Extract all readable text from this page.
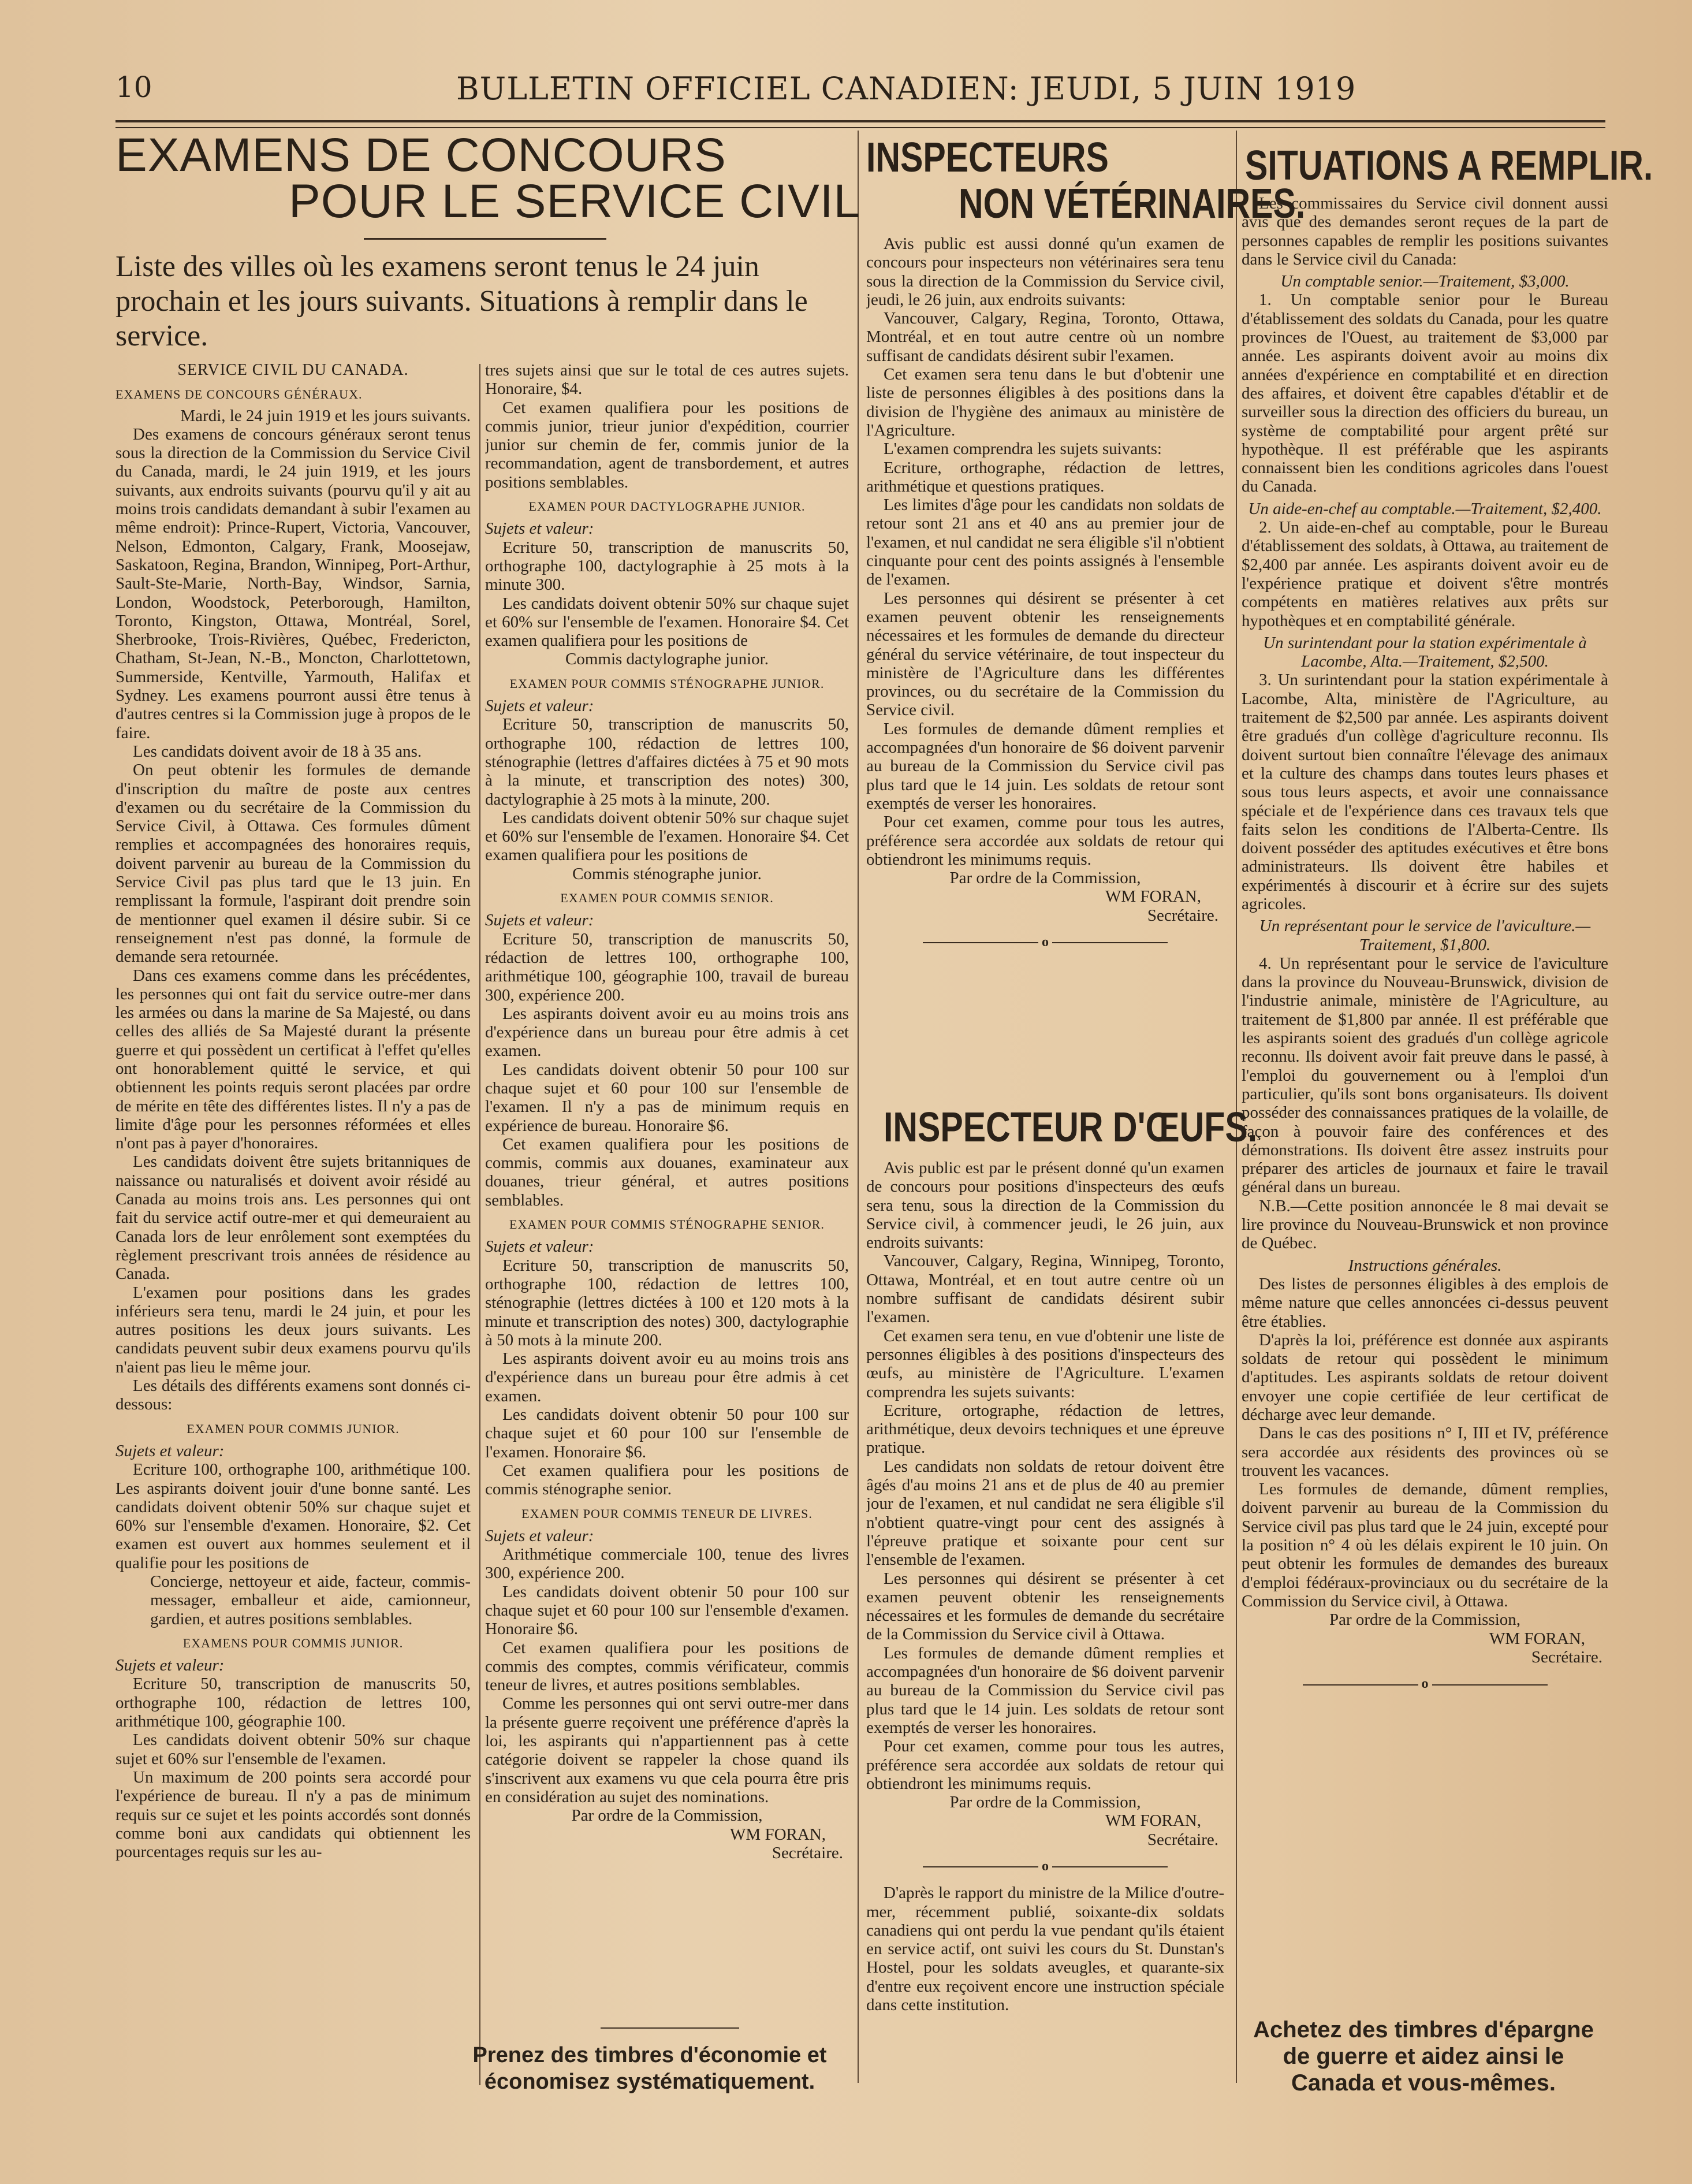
10	BULLETIN OFFICIEL CANADIEN: JEUDI, 5 JUIN 1919
EXAMENS DE CONCOURS
POUR LE SERVICE CIVIL
Liste des villes où les examens seront tenus le 24 juin prochain et les jours suivants. Situations à remplir dans le service.

SERVICE CIVIL DU CANADA.

EXAMENS DE CONCOURS GÉNÉRAUX.

Mardi, le 24 juin 1919 et les jours suivants.

Des examens de concours généraux seront tenus sous la direction de la Commission du Service Civil du Canada, mardi, le 24 juin 1919, et les jours suivants, aux endroits suivants (pourvu qu'il y ait au moins trois candidats demandant à subir l'examen au même endroit): Prince-Rupert, Victoria, Vancouver, Nelson, Edmonton, Calgary, Frank, Moosejaw, Saskatoon, Regina, Brandon, Winnipeg, Port-Arthur, Sault-Ste-Marie, North-Bay, Windsor, Sarnia, London, Woodstock, Peterborough, Hamilton, Toronto, Kingston, Ottawa, Montréal, Sorel, Sherbrooke, Trois-Rivières, Québec, Fredericton, Chatham, St-Jean, N.-B., Moncton, Charlottetown, Summerside, Kentville, Yarmouth, Halifax et Sydney. Les examens pourront aussi être tenus à d'autres centres si la Commission juge à propos de le faire.

Les candidats doivent avoir de 18 à 35 ans.

On peut obtenir les formules de demande d'inscription du maître de poste aux centres d'examen ou du secrétaire de la Commission du Service Civil, à Ottawa. Ces formules dûment remplies et accompagnées des honoraires requis, doivent parvenir au bureau de la Commission du Service Civil pas plus tard que le 13 juin. En remplissant la formule, l'aspirant doit prendre soin de mentionner quel examen il désire subir. Si ce renseignement n'est pas donné, la formule de demande sera retournée.

Dans ces examens comme dans les précédentes, les personnes qui ont fait du service outre-mer dans les armées ou dans la marine de Sa Majesté, ou dans celles des alliés de Sa Majesté durant la présente guerre et qui possèdent un certificat à l'effet qu'elles ont honorablement quitté le service, et qui obtiennent les points requis seront placées par ordre de mérite en tête des différentes listes. Il n'y a pas de limite d'âge pour les personnes réformées et elles n'ont pas à payer d'honoraires.

Les candidats doivent être sujets britanniques de naissance ou naturalisés et doivent avoir résidé au Canada au moins trois ans. Les personnes qui ont fait du service actif outre-mer et qui demeuraient au Canada lors de leur enrôlement sont exemptées du règlement prescrivant trois années de résidence au Canada.

L'examen pour positions dans les grades inférieurs sera tenu, mardi le 24 juin, et pour les autres positions les deux jours suivants. Les candidats peuvent subir deux examens pourvu qu'ils n'aient pas lieu le même jour.

Les détails des différents examens sont donnés ci-dessous:

EXAMEN POUR COMMIS JUNIOR.

Sujets et valeur:

Ecriture 100, orthographe 100, arithmétique 100. Les aspirants doivent jouir d'une bonne santé. Les candidats doivent obtenir 50% sur chaque sujet et 60% sur l'ensemble d'examen. Honoraire, $2. Cet examen est ouvert aux hommes seulement et il qualifie pour les positions de

Concierge, nettoyeur et aide, facteur, commis-messager, emballeur et aide, camionneur, gardien, et autres positions semblables.

EXAMENS POUR COMMIS JUNIOR.

Sujets et valeur:

Ecriture 50, transcription de manuscrits 50, orthographe 100, rédaction de lettres 100, arithmétique 100, géographie 100.

Les candidats doivent obtenir 50% sur chaque sujet et 60% sur l'ensemble de l'examen.

Un maximum de 200 points sera accordé pour l'expérience de bureau. Il n'y a pas de minimum requis sur ce sujet et les points accordés sont donnés comme boni aux candidats qui obtiennent les pourcentages requis sur les au-

tres sujets ainsi que sur le total de ces autres sujets. Honoraire, $4.

Cet examen qualifiera pour les positions de commis junior, trieur junior d'expédition, courrier junior sur chemin de fer, commis junior de la recommandation, agent de transbordement, et autres positions semblables.

EXAMEN POUR DACTYLOGRAPHE JUNIOR.

Sujets et valeur:

Ecriture 50, transcription de manuscrits 50, orthographe 100, dactylographie à 25 mots à la minute 300.

Les candidats doivent obtenir 50% sur chaque sujet et 60% sur l'ensemble de l'examen. Honoraire $4. Cet examen qualifiera pour les positions de

Commis dactylographe junior.

EXAMEN POUR COMMIS STÉNOGRAPHE JUNIOR.

Sujets et valeur:

Ecriture 50, transcription de manuscrits 50, orthographe 100, rédaction de lettres 100, sténographie (lettres d'affaires dictées à 75 et 90 mots à la minute, et transcription des notes) 300, dactylographie à 25 mots à la minute, 200.

Les candidats doivent obtenir 50% sur chaque sujet et 60% sur l'ensemble de l'examen. Honoraire $4. Cet examen qualifiera pour les positions de

Commis sténographe junior.

EXAMEN POUR COMMIS SENIOR.

Sujets et valeur:

Ecriture 50, transcription de manuscrits 50, rédaction de lettres 100, orthographe 100, arithmétique 100, géographie 100, travail de bureau 300, expérience 200.

Les aspirants doivent avoir eu au moins trois ans d'expérience dans un bureau pour être admis à cet examen.

Les candidats doivent obtenir 50 pour 100 sur chaque sujet et 60 pour 100 sur l'ensemble de l'examen. Il n'y a pas de minimum requis en expérience de bureau. Honoraire $6.

Cet examen qualifiera pour les positions de commis, commis aux douanes, examinateur aux douanes, trieur général, et autres positions semblables.

EXAMEN POUR COMMIS STÉNOGRAPHE SENIOR.

Sujets et valeur:

Ecriture 50, transcription de manuscrits 50, orthographe 100, rédaction de lettres 100, sténographie (lettres dictées à 100 et 120 mots à la minute et transcription des notes) 300, dactylographie à 50 mots à la minute 200.

Les aspirants doivent avoir eu au moins trois ans d'expérience dans un bureau pour être admis à cet examen.

Les candidats doivent obtenir 50 pour 100 sur chaque sujet et 60 pour 100 sur l'ensemble de l'examen. Honoraire $6.

Cet examen qualifiera pour les positions de commis sténographe senior.

EXAMEN POUR COMMIS TENEUR DE LIVRES.

Sujets et valeur:

Arithmétique commerciale 100, tenue des livres 300, expérience 200.

Les candidats doivent obtenir 50 pour 100 sur chaque sujet et 60 pour 100 sur l'ensemble d'examen. Honoraire $6.

Cet examen qualifiera pour les positions de commis des comptes, commis vérificateur, commis teneur de livres, et autres positions semblables.

Comme les personnes qui ont servi outre-mer dans la présente guerre reçoivent une préférence d'après la loi, les aspirants qui n'appartiennent pas à cette catégorie doivent se rappeler la chose quand ils s'inscrivent aux examens vu que cela pourra être pris en considération au sujet des nominations.

Par ordre de la Commission,

WM FORAN,

Secrétaire.

Prenez des timbres d'économie et économisez systématiquement.
INSPECTEURS
NON VÉTÉRINAIRES.

Avis public est aussi donné qu'un examen de concours pour inspecteurs non vétérinaires sera tenu sous la direction de la Commission du Service civil, jeudi, le 26 juin, aux endroits suivants:

Vancouver, Calgary, Regina, Toronto, Ottawa, Montréal, et en tout autre centre où un nombre suffisant de candidats désirent subir l'examen.

Cet examen sera tenu dans le but d'obtenir une liste de personnes éligibles à des positions dans la division de l'hygiène des animaux au ministère de l'Agriculture.

L'examen comprendra les sujets suivants:

Ecriture, orthographe, rédaction de lettres, arithmétique et questions pratiques.

Les limites d'âge pour les candidats non soldats de retour sont 21 ans et 40 ans au premier jour de l'examen, et nul candidat ne sera éligible s'il n'obtient cinquante pour cent des points assignés à l'ensemble de l'examen.

Les personnes qui désirent se présenter à cet examen peuvent obtenir les renseignements nécessaires et les formules de demande du directeur général du service vétérinaire, de tout inspecteur du ministère de l'Agriculture dans les différentes provinces, ou du secrétaire de la Commission du Service civil.

Les formules de demande dûment remplies et accompagnées d'un honoraire de $6 doivent parvenir au bureau de la Commission du Service civil pas plus tard que le 14 juin. Les soldats de retour sont exemptés de verser les honoraires.

Pour cet examen, comme pour tous les autres, préférence sera accordée aux soldats de retour qui obtiendront les minimums requis.

Par ordre de la Commission,

WM FORAN,

Secrétaire.

o
INSPECTEUR D'ŒUFS.

Avis public est par le présent donné qu'un examen de concours pour positions d'inspecteurs des œufs sera tenu, sous la direction de la Commission du Service civil, à commencer jeudi, le 26 juin, aux endroits suivants:

Vancouver, Calgary, Regina, Winnipeg, Toronto, Ottawa, Montréal, et en tout autre centre où un nombre suffisant de candidats désirent subir l'examen.

Cet examen sera tenu, en vue d'obtenir une liste de personnes éligibles à des positions d'inspecteurs des œufs, au ministère de l'Agriculture. L'examen comprendra les sujets suivants:

Ecriture, ortographe, rédaction de lettres, arithmétique, deux devoirs techniques et une épreuve pratique.

Les candidats non soldats de retour doivent être âgés d'au moins 21 ans et de plus de 40 au premier jour de l'examen, et nul candidat ne sera éligible s'il n'obtient quatre-vingt pour cent des assignés à l'épreuve pratique et soixante pour cent sur l'ensemble de l'examen.

Les personnes qui désirent se présenter à cet examen peuvent obtenir les renseignements nécessaires et les formules de demande du secrétaire de la Commission du Service civil à Ottawa.

Les formules de demande dûment remplies et accompagnées d'un honoraire de $6 doivent parvenir au bureau de la Commission du Service civil pas plus tard que le 14 juin. Les soldats de retour sont exemptés de verser les honoraires.

Pour cet examen, comme pour tous les autres, préférence sera accordée aux soldats de retour qui obtiendront les minimums requis.

Par ordre de la Commission,

WM FORAN,

Secrétaire.

o

D'après le rapport du ministre de la Milice d'outre-mer, récemment publié, soixante-dix soldats canadiens qui ont perdu la vue pendant qu'ils étaient en service actif, ont suivi les cours du St. Dunstan's Hostel, pour les soldats aveugles, et quarante-six d'entre eux reçoivent encore une instruction spéciale dans cette institution.

SITUATIONS A REMPLIR.

Les commissaires du Service civil donnent aussi avis que des demandes seront reçues de la part de personnes capables de remplir les positions suivantes dans le Service civil du Canada:

Un comptable senior.—Traitement, $3,000.

1. Un comptable senior pour le Bureau d'établissement des soldats du Canada, pour les quatre provinces de l'Ouest, au traitement de $3,000 par année. Les aspirants doivent avoir au moins dix années d'expérience en comptabilité et en direction des affaires, et doivent être capables d'établir et de surveiller sous la direction des officiers du bureau, un système de comptabilité pour argent prêté sur hypothèque. Il est préférable que les aspirants connaissent bien les conditions agricoles dans l'ouest du Canada.

Un aide-en-chef au comptable.—Traitement, $2,400.

2. Un aide-en-chef au comptable, pour le Bureau d'établissement des soldats, à Ottawa, au traitement de $2,400 par année. Les aspirants doivent avoir eu de l'expérience pratique et doivent s'être montrés compétents en matières relatives aux prêts sur hypothèques et en comptabilité générale.

Un surintendant pour la station expérimentale à Lacombe, Alta.—Traitement, $2,500.

3. Un surintendant pour la station expérimentale à Lacombe, Alta, ministère de l'Agriculture, au traitement de $2,500 par année. Les aspirants doivent être gradués d'un collège d'agriculture reconnu. Ils doivent surtout bien connaître l'élevage des animaux et la culture des champs dans toutes leurs phases et sous tous leurs aspects, et avoir une connaissance spéciale et de l'expérience dans ces travaux tels que faits selon les conditions de l'Alberta-Centre. Ils doivent posséder des aptitudes exécutives et être bons administrateurs. Ils doivent être habiles et expérimentés à discourir et à écrire sur des sujets agricoles.

Un représentant pour le service de l'aviculture.—Traitement, $1,800.

4. Un représentant pour le service de l'aviculture dans la province du Nouveau-Brunswick, division de l'industrie animale, ministère de l'Agriculture, au traitement de $1,800 par année. Il est préférable que les aspirants soient des gradués d'un collège agricole reconnu. Ils doivent avoir fait preuve dans le passé, à l'emploi du gouvernement ou à l'emploi d'un particulier, qu'ils sont bons organisateurs. Ils doivent posséder des connaissances pratiques de la volaille, de façon à pouvoir faire des conférences et des démonstrations. Ils doivent être assez instruits pour préparer des articles de journaux et faire le travail général dans un bureau.

N.B.—Cette position annoncée le 8 mai devait se lire province du Nouveau-Brunswick et non province de Québec.

Instructions générales.

Des listes de personnes éligibles à des emplois de même nature que celles annoncées ci-dessus peuvent être établies.

D'après la loi, préférence est donnée aux aspirants soldats de retour qui possèdent le minimum d'aptitudes. Les aspirants soldats de retour doivent envoyer une copie certifiée de leur certificat de décharge avec leur demande.

Dans le cas des positions n° I, III et IV, préférence sera accordée aux résidents des provinces où se trouvent les vacances.

Les formules de demande, dûment remplies, doivent parvenir au bureau de la Commission du Service civil pas plus tard que le 24 juin, excepté pour la position n° 4 où les délais expirent le 10 juin. On peut obtenir les formules de demandes des bureaux d'emploi fédéraux-provinciaux ou du secrétaire de la Commission du Service civil, à Ottawa.

Par ordre de la Commission,

WM FORAN,

Secrétaire.

o
Achetez des timbres d'épargne de guerre et aidez ainsi le Canada et vous-mêmes.
